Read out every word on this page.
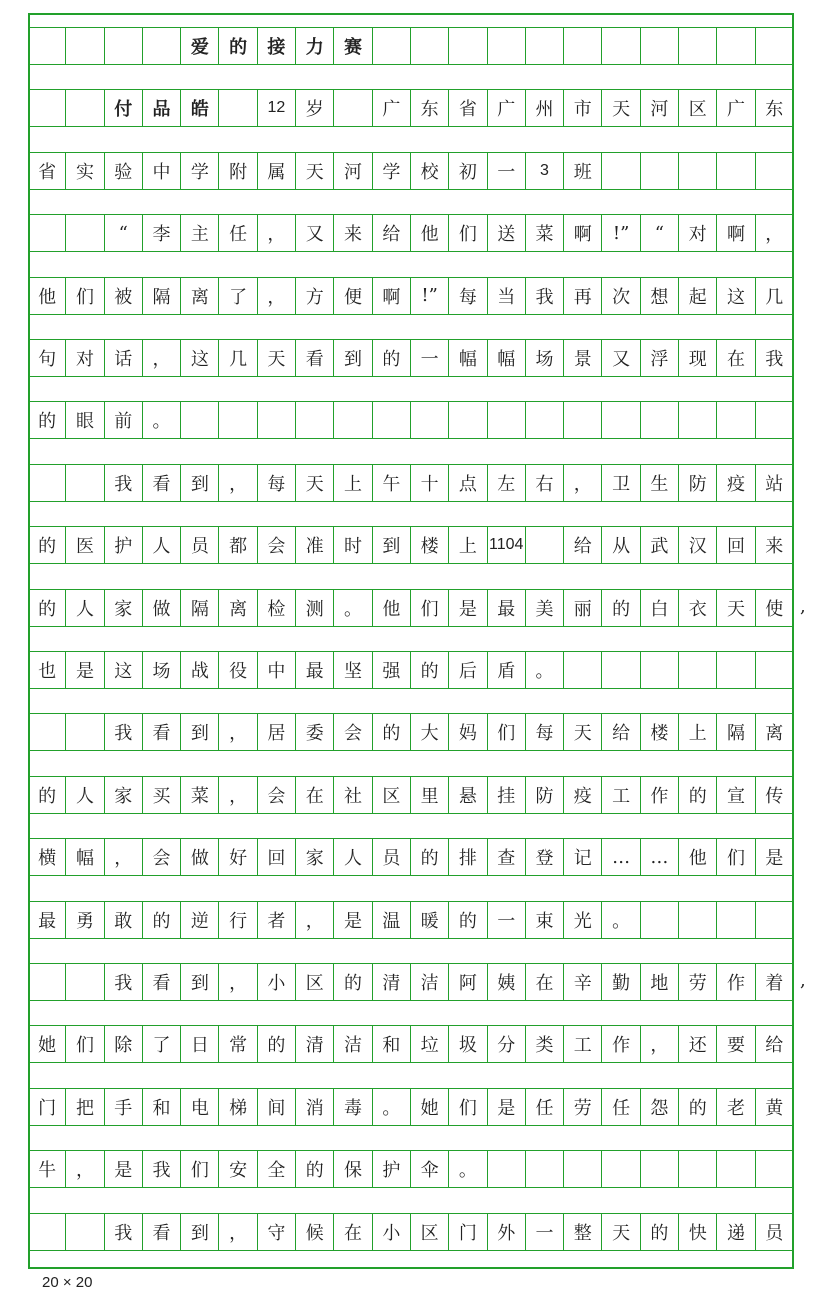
爱	的	接	力	赛
付	品	皓	12	岁	广	东	省	广	州	市	天	河	区	广	东
省	实	验	中	学	附	属	天	河	学	校	初	一	3	班
“	李	主	任	，	又	来	给	他	们	送	菜	啊	!”	“	对	啊	，
他	们	被	隔	离	了	，	方	便	啊	!”	每	当	我	再	次	想	起	这	几
句	对	话	，	这	几	天	看	到	的	一	幅	幅	场	景	又	浮	现	在	我
的	眼	前	。
我	看	到	，	每	天	上	午	十	点	左	右	，	卫	生	防	疫	站
的	医	护	人	员	都	会	准	时	到	楼	上 1104	给	从	武	汉	回	来
的	人	家	做	隔	离	检	测	。	他	们	是	最	美	丽	的	白	衣	天	使
也	是	这	场	战	役	中	最	坚	强	的	后	盾	。
我	看	到	，	居	委	会	的	大	妈	们	每	天	给	楼	上	隔	离
的	人	家	买	菜	，	会	在	社	区	里	悬	挂	防	疫	工	作	的	宣	传
横	幅	，	会	做	好	回	家	人	员	的	排	查	登	记	…	…	他	们	是
最	勇	敢	的	逆	行	者	，	是	温	暖	的	一	束	光	。
我	看	到	，	小	区	的	清	洁	阿	姨	在	辛	勤	地	劳	作	着
她	们	除	了	日	常	的	清	洁	和	垃	圾	分	类	工	作	，	还	要	给
门	把	手	和	电	梯	间	消	毒	。	她	们	是	任	劳	任	怨	的	老	黄
牛	，	是	我	们	安	全	的	保	护	伞	。
我	看	到	，	守	候	在	小	区	门	外	一	整	天	的	快	递	员
,
,
20 × 20
